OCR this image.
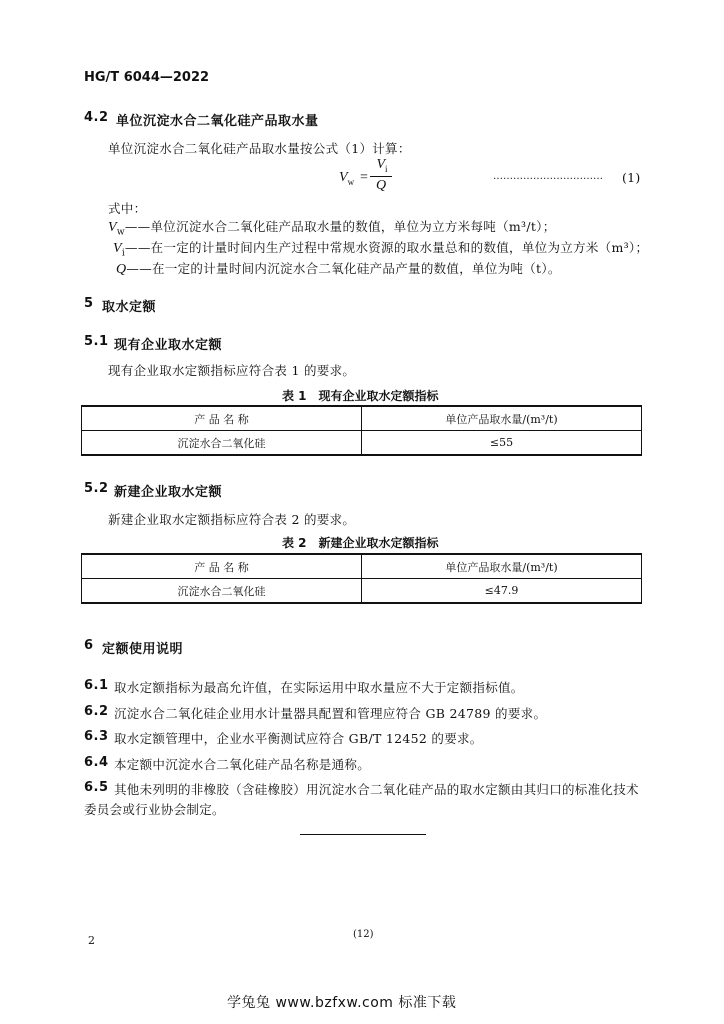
HG/T 6044—2022
4.2 单位沉淀水合二氧化硅产品取水量
单位沉淀水合二氧化硅产品取水量按公式（1）计算：
$V_w$ =
$V_i$
Q
…………………………… (1)
式中：
$V_w——$单位沉淀水合二氧化硅产品取水量的数值，单位为立方米每吨（m³/t）；
$V_i——$在一定的计量时间内生产过程中常规水资源的取水量总和的数值，单位为立方米（m³）；
Q——在一定的计量时间内沉淀水合二氧化硅产品产量的数值，单位为吨（t）。
5 取水定额
5.1 现有企业取水定额
现有企业取水定额指标应符合表 1 的要求。
表 1　现有企业取水定额指标
产 品 名 称	单位产品取水量/(m³/t)
沉淀水合二氧化硅	≤55
5.2 新建企业取水定额
新建企业取水定额指标应符合表 2 的要求。
表 2　新建企业取水定额指标
产 品 名 称	单位产品取水量/(m³/t)
沉淀水合二氧化硅	≤47.9
6 定额使用说明
6.1 取水定额指标为最高允许值，在实际运用中取水量应不大于定额指标值。
6.2 沉淀水合二氧化硅企业用水计量器具配置和管理应符合 GB 24789 的要求。
6.3 取水定额管理中，企业水平衡测试应符合 GB/T 12452 的要求。
6.4 本定额中沉淀水合二氧化硅产品名称是通称。
6.5 其他未列明的非橡胶（含硅橡胶）用沉淀水合二氧化硅产品的取水定额由其归口的标准化技术
委员会或行业协会制定。
2	(12)
学兔兔 www.bzfxw.com 标准下载
